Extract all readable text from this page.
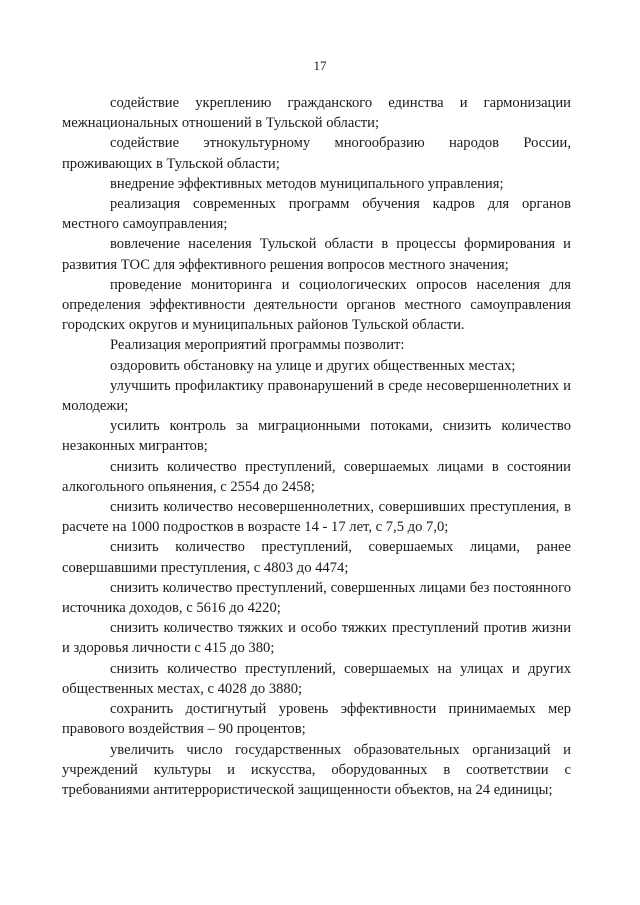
17

содействие укреплению гражданского единства и гармонизации межнациональных отношений в Тульской области;

содействие этнокультурному многообразию народов России, проживающих в Тульской области;

внедрение эффективных методов муниципального управления;

реализация современных программ обучения кадров для органов местного самоуправления;

вовлечение населения Тульской области в процессы формирования и развития ТОС для эффективного решения вопросов местного значения;

проведение мониторинга и социологических опросов населения для определения эффективности деятельности органов местного самоуправления городских округов и муниципальных районов Тульской области.

Реализация мероприятий программы позволит:

оздоровить обстановку на улице и других общественных местах;

улучшить профилактику правонарушений в среде несовершеннолетних и молодежи;

усилить контроль за миграционными потоками, снизить количество незаконных мигрантов;

снизить количество преступлений, совершаемых лицами в состоянии алкогольного опьянения, с 2554 до 2458;

снизить количество несовершеннолетних, совершивших преступления, в расчете на 1000 подростков в возрасте 14 - 17 лет, с 7,5 до 7,0;

снизить количество преступлений, совершаемых лицами, ранее совершавшими преступления, с 4803 до 4474;

снизить количество преступлений, совершенных лицами без постоянного источника доходов, с 5616 до 4220;

снизить количество тяжких и особо тяжких преступлений против жизни и здоровья личности с 415 до 380;

снизить количество преступлений, совершаемых на улицах и других общественных местах, с 4028 до 3880;

сохранить достигнутый уровень эффективности принимаемых мер правового воздействия – 90 процентов;

увеличить число государственных образовательных организаций и учреждений культуры и искусства, оборудованных в соответствии с требованиями антитеррористической защищенности объектов, на 24 единицы;
